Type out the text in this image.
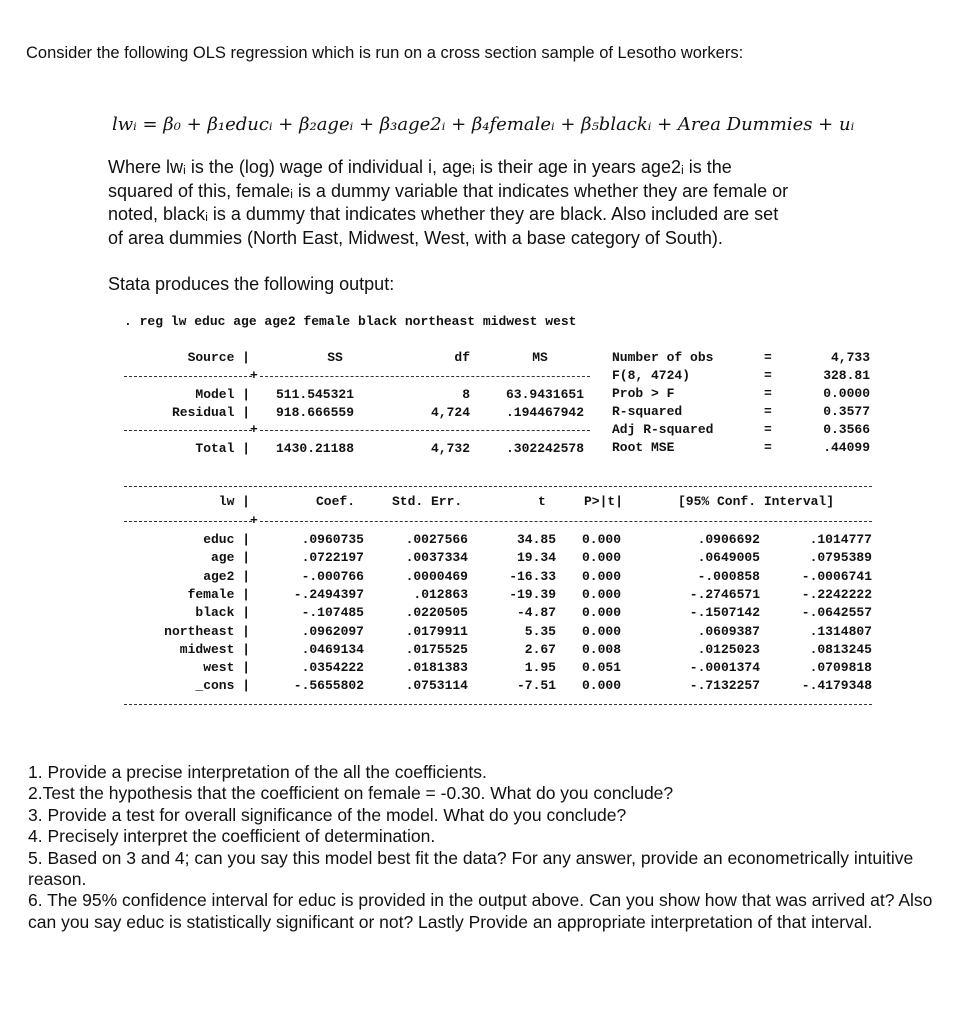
Consider the following OLS regression which is run on a cross section sample of Lesotho workers:
lwᵢ = β₀ + β₁educᵢ + β₂ageᵢ + β₃age2ᵢ + β₄femaleᵢ + β₅blackᵢ + Area Dummies + uᵢ

Where lwᵢ is the (log) wage of individual i, ageᵢ is their age in years age2ᵢ is the

squared of this, femaleᵢ is a dummy variable that indicates whether they are female or

noted, blackᵢ is a dummy that indicates whether they are black. Also included are set

of area dummies (North East, Midwest, West, with a base category of South).

Stata produces the following output:
. reg lw educ age age2 female black northeast midwest west
Source |	SS	df	MS
+
Model | 511.545321	8	63.9431651
Residual | 918.666559	4,724	.194467942
+
Total | 1430.21188	4,732	.302242578
Number of obs	=	4,733
F(8, 4724)	=	328.81
Prob > F	=	0.0000
R-squared	=	0.3577
Adj R-squared	=	0.3566
Root MSE	=	.44099
lw |	Coef.	Std. Err.	t	P>|t|	[95% Conf. Interval]
+
educ |	.0960735	.0027566	34.85 0.000	.0906692	.1014777
age |	.0722197	.0037334	19.34 0.000	.0649005	.0795389
age2 |	-.000766	.0000469	-16.33 0.000	-.000858	-.0006741
female |	-.2494397	.012863	-19.39 0.000	-.2746571	-.2242222
black |	-.107485	.0220505	-4.87 0.000	-.1507142	-.0642557
northeast |	.0962097	.0179911	5.35 0.000	.0609387	.1314807
midwest |	.0469134	.0175525	2.67 0.008	.0125023	.0813245
west |	.0354222	.0181383	1.95 0.051	-.0001374	.0709818
_cons |	-.5655802	.0753114	-7.51 0.000	-.7132257	-.4179348
1. Provide a precise interpretation of the all the coefficients.
2.Test the hypothesis that the coefficient on female = -0.30. What do you conclude?
3. Provide a test for overall significance of the model. What do you conclude?
4. Precisely interpret the coefficient of determination.
5. Based on 3 and 4; can you say this model best fit the data? For any answer, provide an econometrically intuitive reason.
6. The 95% confidence interval for educ is provided in the output above. Can you show how that was arrived at? Also can you say educ is statistically significant or not? Lastly Provide an appropriate interpretation of that interval.
